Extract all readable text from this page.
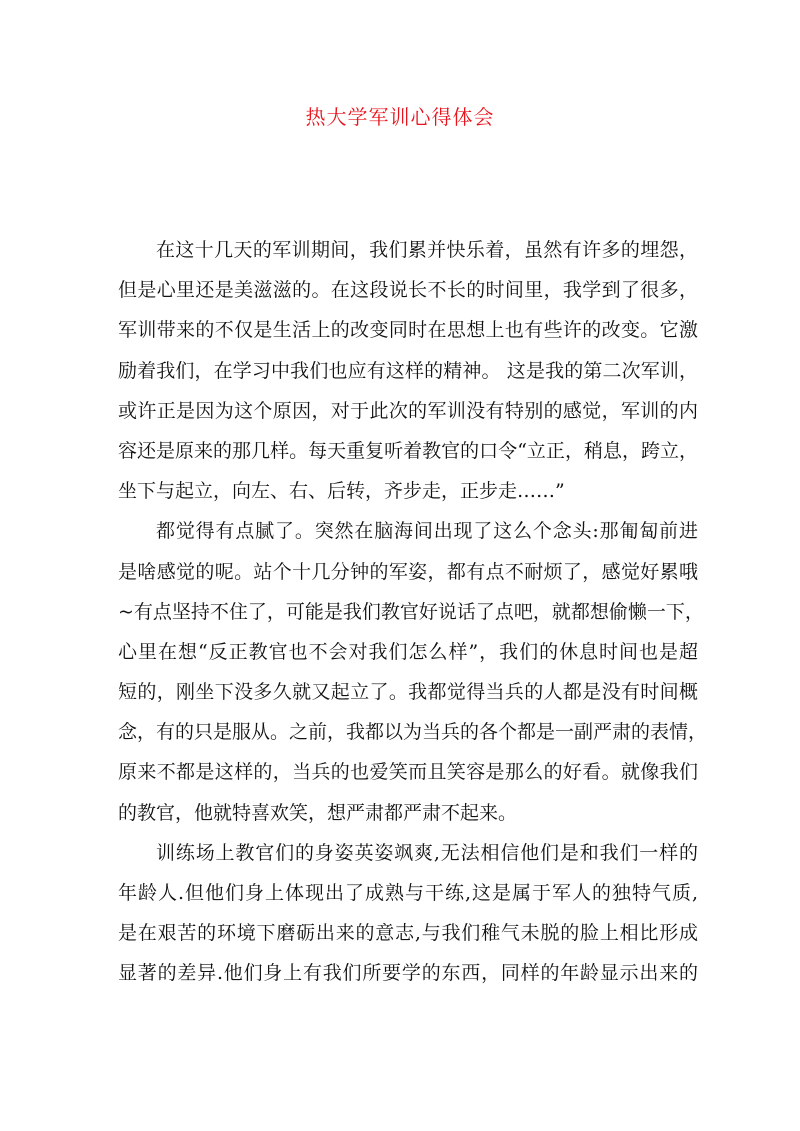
热大学军训心得体会
在这十几天的军训期间，我们累并快乐着，虽然有许多的埋怨，
但是心里还是美滋滋的。在这段说长不长的时间里，我学到了很多，
军训带来的不仅是生活上的改变同时在思想上也有些许的改变。它激
励着我们，在学习中我们也应有这样的精神。 这是我的第二次军训，
或许正是因为这个原因，对于此次的军训没有特别的感觉，军训的内
容还是原来的那几样。每天重复听着教官的口令“立正，稍息，跨立，
坐下与起立，向左、右、后转，齐步走，正步走……”
都觉得有点腻了。突然在脑海间出现了这么个念头:那匍匐前进
是啥感觉的呢。站个十几分钟的军姿，都有点不耐烦了，感觉好累哦
~有点坚持不住了，可能是我们教官好说话了点吧，就都想偷懒一下，
心里在想“反正教官也不会对我们怎么样”，我们的休息时间也是超
短的，刚坐下没多久就又起立了。我都觉得当兵的人都是没有时间概
念，有的只是服从。之前，我都以为当兵的各个都是一副严肃的表情，
原来不都是这样的，当兵的也爱笑而且笑容是那么的好看。就像我们
的教官，他就特喜欢笑，想严肃都严肃不起来。
训练场上教官们的身姿英姿飒爽,无法相信他们是和我们一样的
年龄人.但他们身上体现出了成熟与干练,这是属于军人的独特气质,
是在艰苦的环境下磨砺出来的意志,与我们稚气未脱的脸上相比形成
显著的差异.他们身上有我们所要学的东西，同样的年龄显示出来的
